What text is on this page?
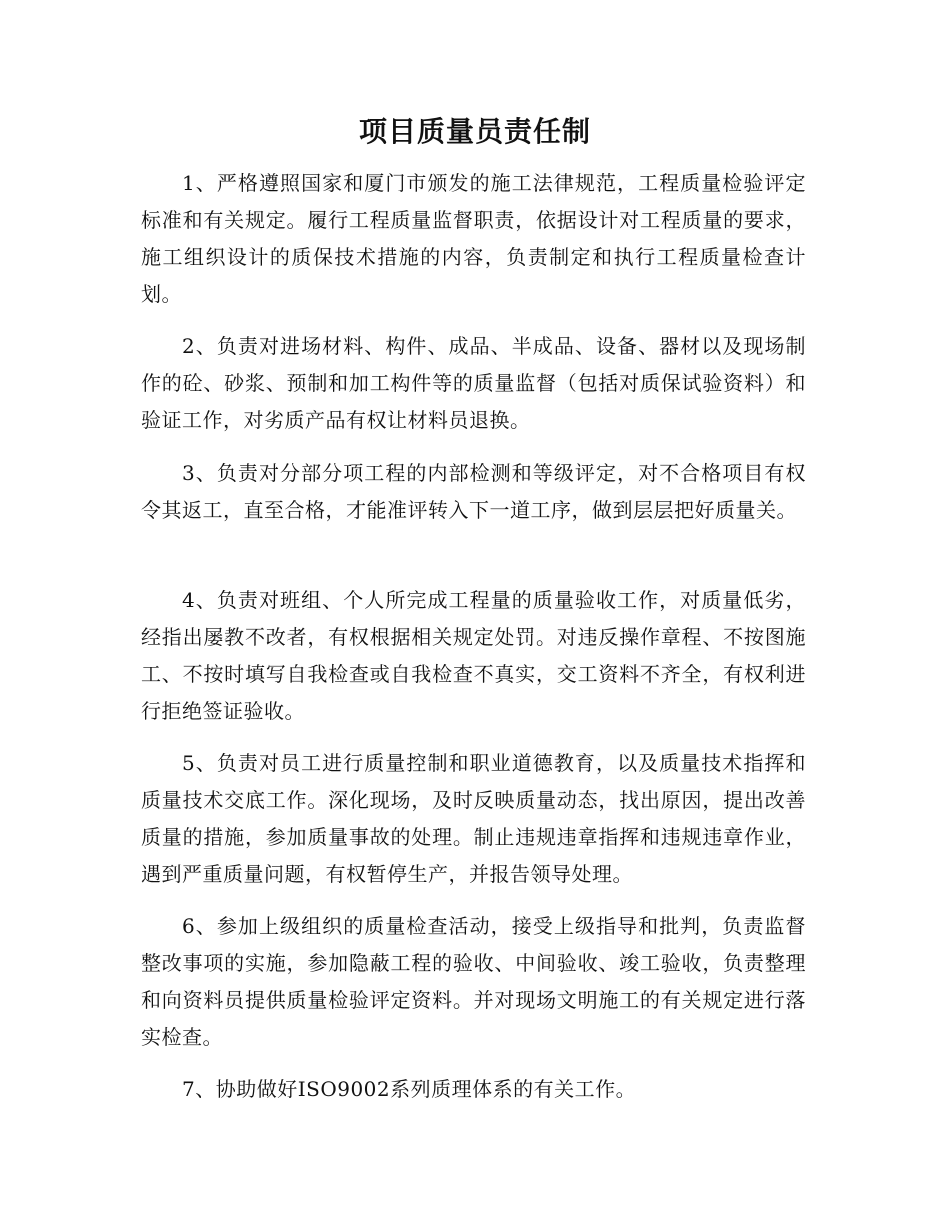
项目质量员责任制

1、严格遵照国家和厦门市颁发的施工法律规范，工程质量检验评定标准和有关规定。履行工程质量监督职责，依据设计对工程质量的要求，施工组织设计的质保技术措施的内容，负责制定和执行工程质量检查计划。

2、负责对进场材料、构件、成品、半成品、设备、器材以及现场制作的砼、砂浆、预制和加工构件等的质量监督（包括对质保试验资料）和验证工作，对劣质产品有权让材料员退换。

3、负责对分部分项工程的内部检测和等级评定，对不合格项目有权令其返工，直至合格，才能准评转入下一道工序，做到层层把好质量关。

4、负责对班组、个人所完成工程量的质量验收工作，对质量低劣，经指出屡教不改者，有权根据相关规定处罚。对违反操作章程、不按图施工、不按时填写自我检查或自我检查不真实，交工资料不齐全，有权利进行拒绝签证验收。

5、负责对员工进行质量控制和职业道德教育，以及质量技术指挥和质量技术交底工作。深化现场，及时反映质量动态，找出原因，提出改善质量的措施，参加质量事故的处理。制止违规违章指挥和违规违章作业，遇到严重质量问题，有权暂停生产，并报告领导处理。

6、参加上级组织的质量检查活动，接受上级指导和批判，负责监督整改事项的实施，参加隐蔽工程的验收、中间验收、竣工验收，负责整理和向资料员提供质量检验评定资料。并对现场文明施工的有关规定进行落实检查。

7、协助做好ISO9002系列质理体系的有关工作。
